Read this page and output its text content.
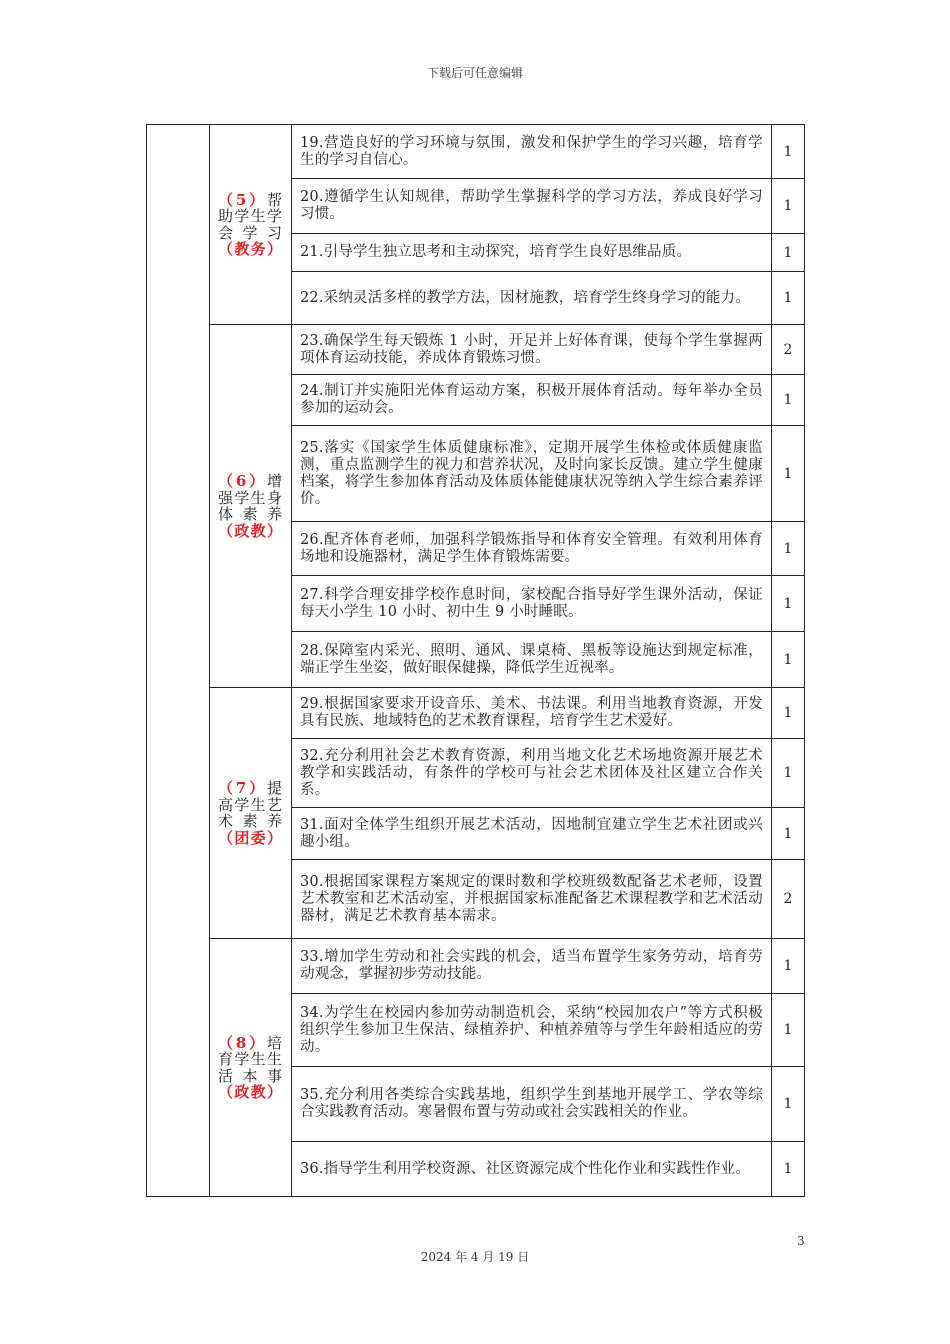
下载后可任意编辑
	（5）帮助学生学会学习（教务）	19.营造良好的学习环境与氛围，激发和保护学生的学习兴趣，培育学生的学习自信心。	1
		20.遵循学生认知规律，帮助学生掌握科学的学习方法，养成良好学习习惯。	1
		21.引导学生独立思考和主动探究，培育学生良好思维品质。	1
		22.采纳灵活多样的教学方法，因材施教，培育学生终身学习的能力。	1
	（6）增强学生身体素养（政教）	23.确保学生每天锻炼 1 小时，开足并上好体育课，使每个学生掌握两项体育运动技能，养成体育锻炼习惯。	2
		24.制订并实施阳光体育运动方案，积极开展体育活动。每年举办全员参加的运动会。	1
		25.落实《国家学生体质健康标准》，定期开展学生体检或体质健康监测，重点监测学生的视力和营养状况，及时向家长反馈。建立学生健康档案，将学生参加体育活动及体质体能健康状况等纳入学生综合素养评价。	1
		26.配齐体育老师，加强科学锻炼指导和体育安全管理。有效利用体育场地和设施器材，满足学生体育锻炼需要。	1
		27.科学合理安排学校作息时间，家校配合指导好学生课外活动，保证每天小学生 10 小时、初中生 9 小时睡眠。	1
		28.保障室内采光、照明、通风、课桌椅、黑板等设施达到规定标准，端正学生坐姿，做好眼保健操，降低学生近视率。	1
	（7）提高学生艺术素养（团委）	29.根据国家要求开设音乐、美术、书法课。利用当地教育资源，开发具有民族、地域特色的艺术教育课程，培育学生艺术爱好。	1
		32.充分利用社会艺术教育资源，利用当地文化艺术场地资源开展艺术教学和实践活动，有条件的学校可与社会艺术团体及社区建立合作关系。	1
		31.面对全体学生组织开展艺术活动，因地制宜建立学生艺术社团或兴趣小组。	1
		30.根据国家课程方案规定的课时数和学校班级数配备艺术老师，设置艺术教室和艺术活动室，并根据国家标准配备艺术课程教学和艺术活动器材，满足艺术教育基本需求。	2
	（8）培育学生生活本事（政教）	33.增加学生劳动和社会实践的机会，适当布置学生家务劳动，培育劳动观念，掌握初步劳动技能。	1
		34.为学生在校园内参加劳动制造机会，采纳“校园加农户”等方式积极组织学生参加卫生保洁、绿植养护、种植养殖等与学生年龄相适应的劳动。	1
		35.充分利用各类综合实践基地，组织学生到基地开展学工、学农等综合实践教育活动。寒暑假布置与劳动或社会实践相关的作业。	1
		36.指导学生利用学校资源、社区资源完成个性化作业和实践性作业。	1
3
2024 年 4 月 19 日
